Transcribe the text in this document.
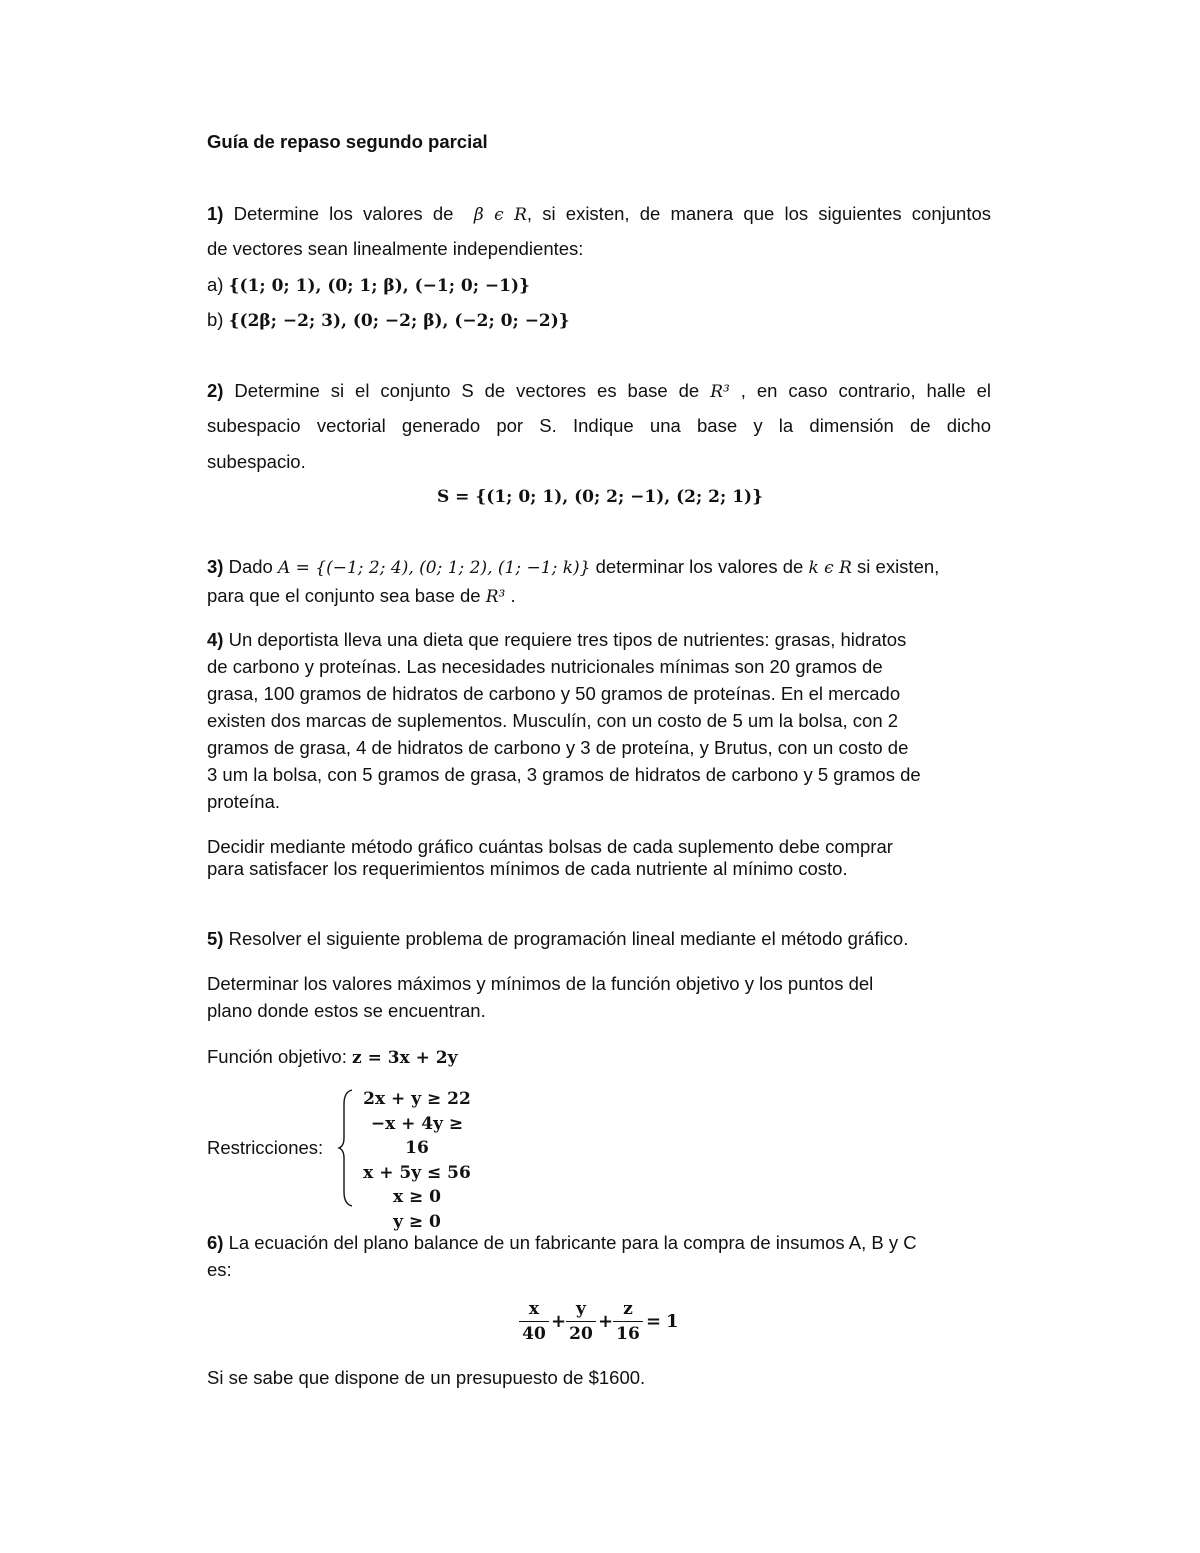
Guía de repaso segundo parcial
1) Determine los valores de β ϵ R, si existen, de manera que los siguientes conjuntos
de vectores sean linealmente independientes:
a) {(1; 0; 1), (0; 1; β), (−1; 0; −1)}
b) {(2β; −2; 3), (0; −2; β), (−2; 0; −2)}
2) Determine si el conjunto S de vectores es base de R³ , en caso contrario, halle el
subespacio vectorial generado por S. Indique una base y la dimensión de dicho
subespacio.
S = {(1; 0; 1), (0; 2; −1), (2; 2; 1)}
3) Dado A = {(−1; 2; 4), (0; 1; 2), (1; −1; k)} determinar los valores de k ϵ R si existen,
para que el conjunto sea base de R³ .
4) Un deportista lleva una dieta que requiere tres tipos de nutrientes: grasas, hidratos
de carbono y proteínas. Las necesidades nutricionales mínimas son 20 gramos de
grasa, 100 gramos de hidratos de carbono y 50 gramos de proteínas. En el mercado
existen dos marcas de suplementos. Musculín, con un costo de 5 um la bolsa, con 2
gramos de grasa, 4 de hidratos de carbono y 3 de proteína, y Brutus, con un costo de
3 um la bolsa, con 5 gramos de grasa, 3 gramos de hidratos de carbono y 5 gramos de
proteína.
Decidir mediante método gráfico cuántas bolsas de cada suplemento debe comprar
para satisfacer los requerimientos mínimos de cada nutriente al mínimo costo.
5) Resolver el siguiente problema de programación lineal mediante el método gráfico.
Determinar los valores máximos y mínimos de la función objetivo y los puntos del
plano donde estos se encuentran.
Función objetivo: z = 3x + 2y
Restricciones:
2x + y ≥ 22
−x + 4y ≥ 16
x + 5y ≤ 56
x ≥ 0
y ≥ 0
6) La ecuación del plano balance de un fabricante para la compra de insumos A, B y C
es:
$\frac{x}{40} + \frac{y}{20} + \frac{z}{16} = 1$
Si se sabe que dispone de un presupuesto de $1600.
